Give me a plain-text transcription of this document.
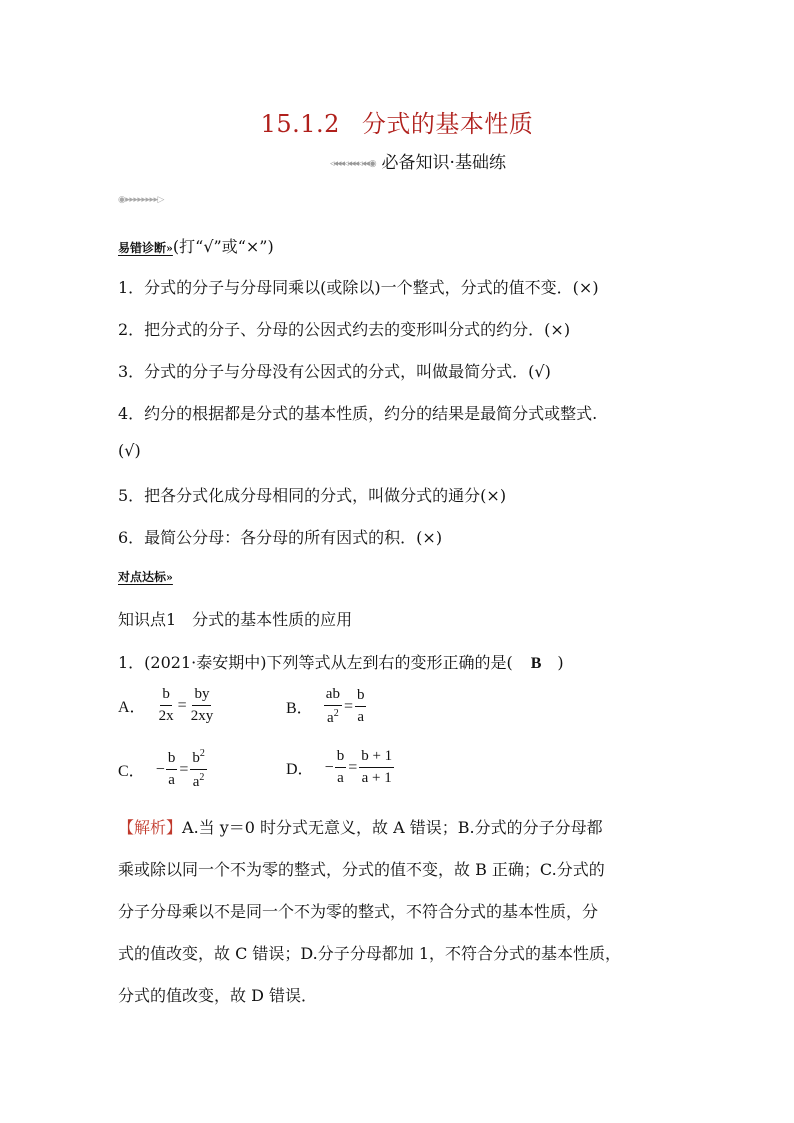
15.1.2 分式的基本性质
◃◂◂◂◃◂◂◂◃◂◂◉ 必备知识·基础练
◉▸▸▸▸▸▸▸▸▷
易错诊断»(打“√”或“×”)
1．分式的分子与分母同乘以(或除以)一个整式，分式的值不变．(×)
2．把分式的分子、分母的公因式约去的变形叫分式的约分．(×)
3．分式的分子与分母没有公因式的分式，叫做最简分式．(√)
4．约分的根据都是分式的基本性质，约分的结果是最简分式或整式.
(√)
5．把各分式化成分母相同的分式，叫做分式的通分(×)
6．最简公分母：各分母的所有因式的积．(×)
对点达标»
知识点1　分式的基本性质的应用
1．(2021·泰安期中)下列等式从左到右的变形正确的是( B )
A． $\frac{b}{2x} = \frac{by}{2xy}$	B． $\frac{ab}{a^2} = \frac{b}{a}$
C． − $\frac{b}{a} = \frac{b^2}{a^2}$	D． − $\frac{b}{a} = \frac{b + 1}{a + 1}$
【解析】A.当 y＝0 时分式无意义，故 A 错误；B.分式的分子分母都
乘或除以同一个不为零的整式，分式的值不变，故 B 正确；C.分式的
分子分母乘以不是同一个不为零的整式，不符合分式的基本性质，分
式的值改变，故 C 错误；D.分子分母都加 1，不符合分式的基本性质，
分式的值改变，故 D 错误．
